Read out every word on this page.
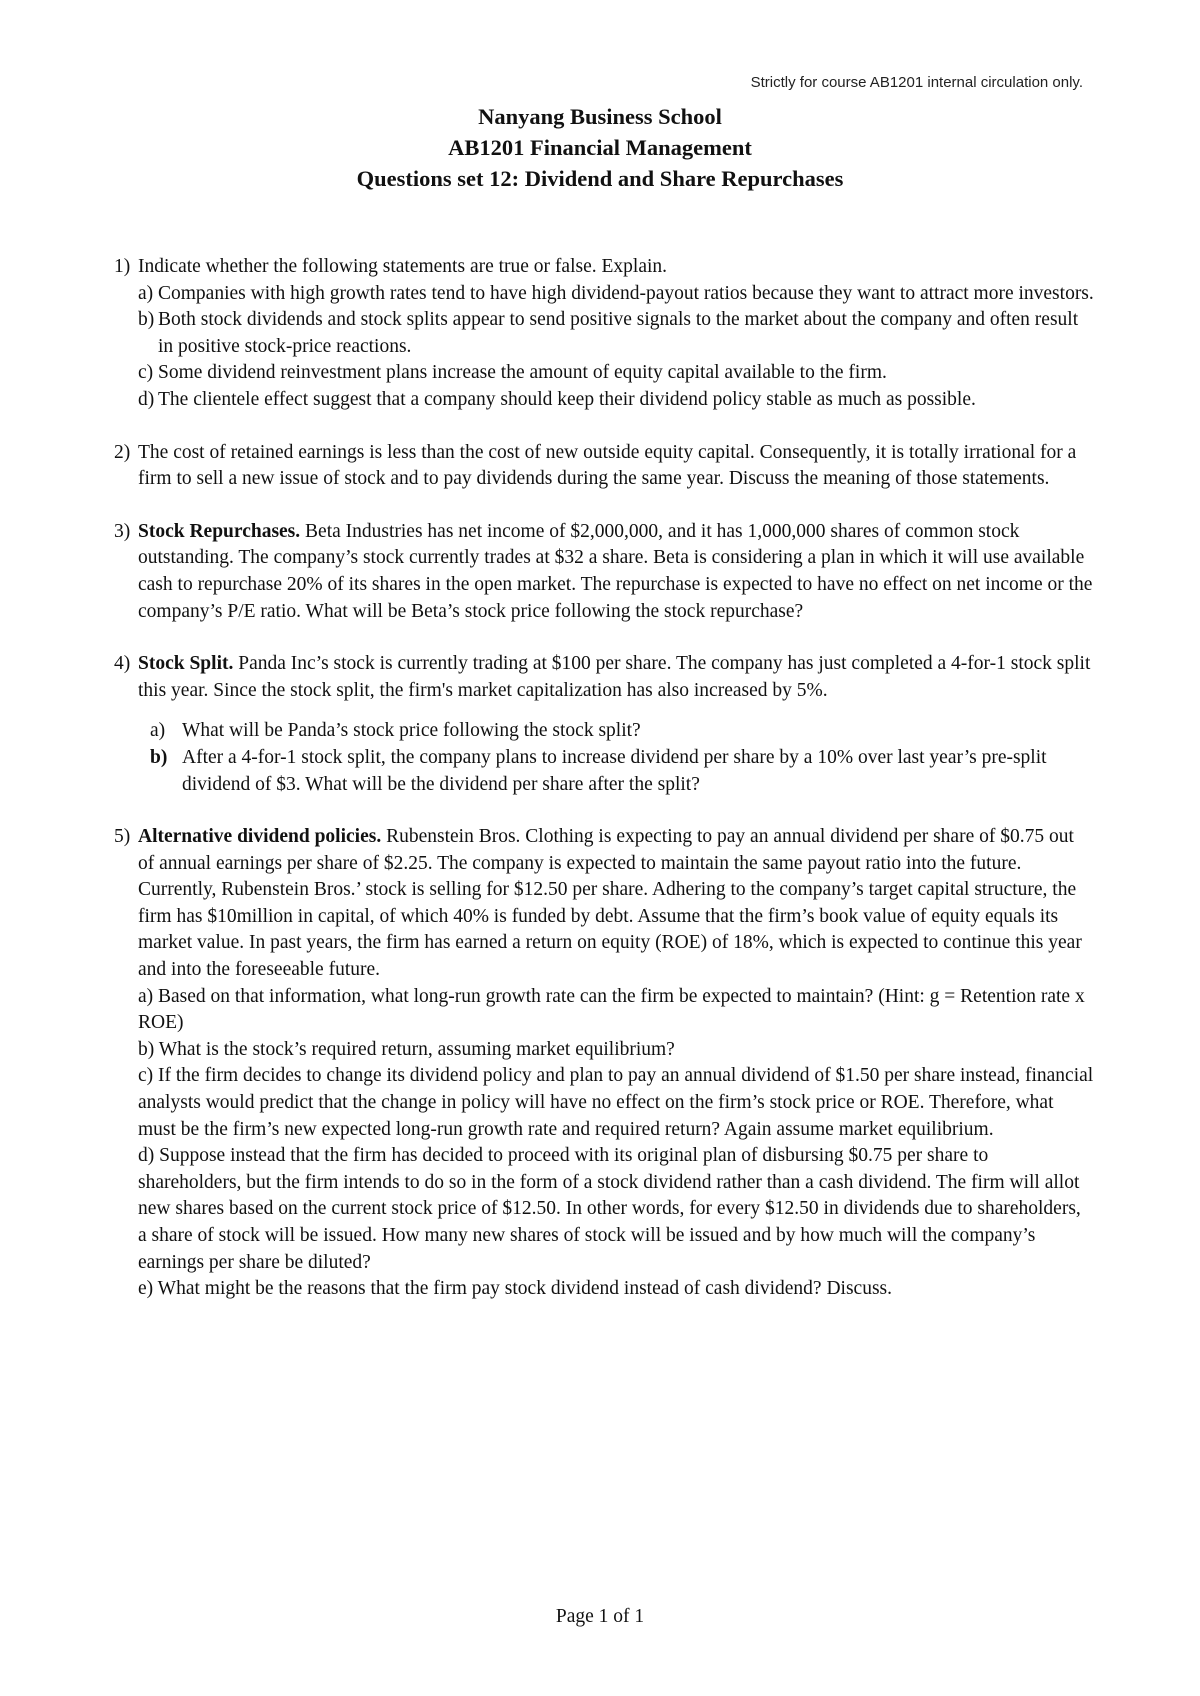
Strictly for course AB1201 internal circulation only.
Nanyang Business School
AB1201 Financial Management
Questions set 12: Dividend and Share Repurchases
1) Indicate whether the following statements are true or false. Explain.

a) Companies with high growth rates tend to have high dividend-payout ratios because they want to attract more investors.
b) Both stock dividends and stock splits appear to send positive signals to the market about the company and often result in positive stock-price reactions.
c) Some dividend reinvestment plans increase the amount of equity capital available to the firm.
d) The clientele effect suggest that a company should keep their dividend policy stable as much as possible.
2) The cost of retained earnings is less than the cost of new outside equity capital. Consequently, it is totally irrational for a firm to sell a new issue of stock and to pay dividends during the same year. Discuss the meaning of those statements.

3) Stock Repurchases. Beta Industries has net income of $2,000,000, and it has 1,000,000 shares of common stock outstanding. The company’s stock currently trades at $32 a share. Beta is considering a plan in which it will use available cash to repurchase 20% of its shares in the open market. The repurchase is expected to have no effect on net income or the company’s P/E ratio. What will be Beta’s stock price following the stock repurchase?

4) Stock Split. Panda Inc’s stock is currently trading at $100 per share. The company has just completed a 4-for-1 stock split this year. Since the stock split, the firm's market capitalization has also increased by 5%.

a) What will be Panda’s stock price following the stock split?
b) After a 4-for-1 stock split, the company plans to increase dividend per share by a 10% over last year’s pre-split dividend of $3. What will be the dividend per share after the split?
5) Alternative dividend policies. Rubenstein Bros. Clothing is expecting to pay an annual dividend per share of $0.75 out of annual earnings per share of $2.25. The company is expected to maintain the same payout ratio into the future. Currently, Rubenstein Bros.’ stock is selling for $12.50 per share. Adhering to the company’s target capital structure, the firm has $10million in capital, of which 40% is funded by debt. Assume that the firm’s book value of equity equals its market value. In past years, the firm has earned a return on equity (ROE) of 18%, which is expected to continue this year and into the foreseeable future.

a) Based on that information, what long-run growth rate can the firm be expected to maintain? (Hint: g = Retention rate x ROE)

b) What is the stock’s required return, assuming market equilibrium?

c) If the firm decides to change its dividend policy and plan to pay an annual dividend of $1.50 per share instead, financial analysts would predict that the change in policy will have no effect on the firm’s stock price or ROE. Therefore, what must be the firm’s new expected long-run growth rate and required return? Again assume market equilibrium.

d) Suppose instead that the firm has decided to proceed with its original plan of disbursing $0.75 per share to shareholders, but the firm intends to do so in the form of a stock dividend rather than a cash dividend. The firm will allot new shares based on the current stock price of $12.50. In other words, for every $12.50 in dividends due to shareholders, a share of stock will be issued. How many new shares of stock will be issued and by how much will the company’s earnings per share be diluted?

e) What might be the reasons that the firm pay stock dividend instead of cash dividend? Discuss.

Page 1 of 1
